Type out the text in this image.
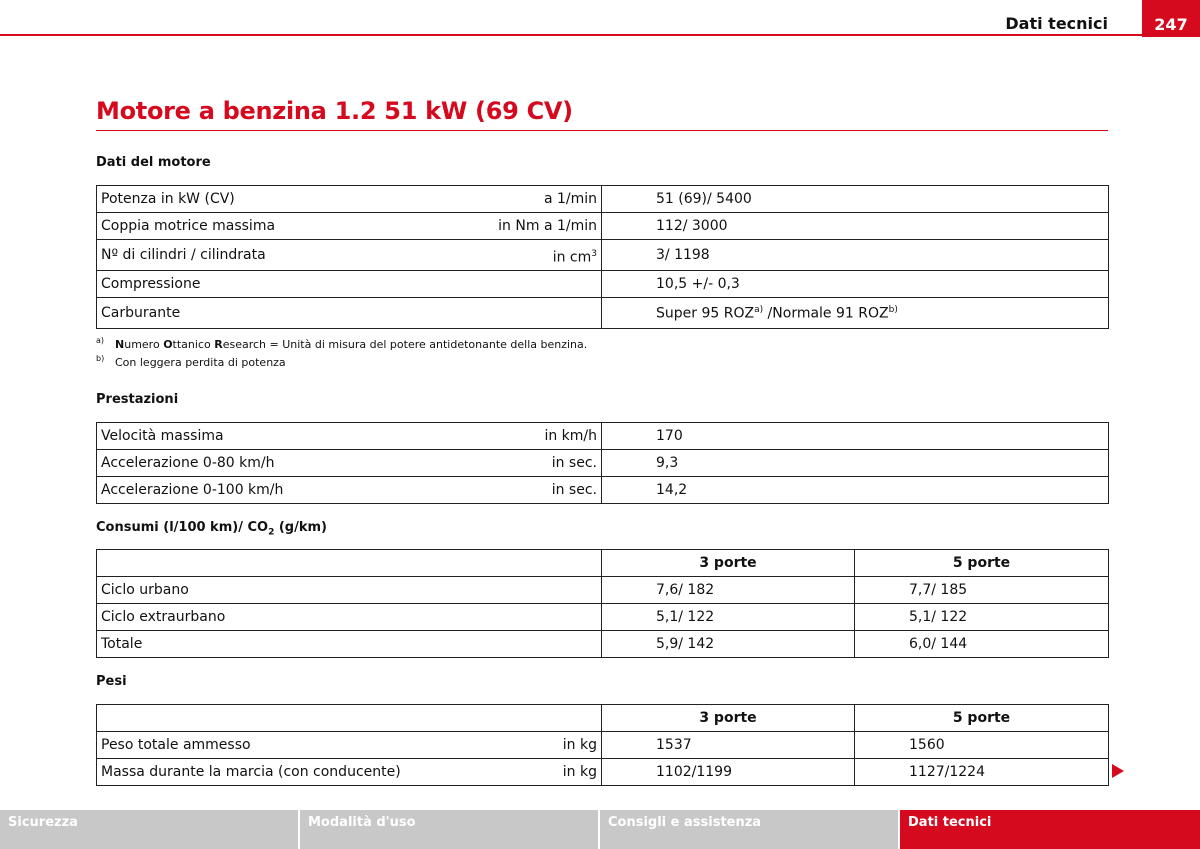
Dati tecnici	247
Motore a benzina 1.2 51 kW (69 CV)
Dati del motore
Potenza in kW (CV)	a 1/min	51 (69)/ 5400
Coppia motrice massima	in Nm a 1/min	112/ 3000
Nº di cilindri / cilindrata	in $cm^3$	3/ 1198
Compressione		10,5 +/- 0,3
Carburante		Super 95 ROZ$^{a)}$ /Normale 91 ROZ$^{b)}$
a) Numero Ottanico Research = Unità di misura del potere antidetonante della benzina.
b) Con leggera perdita di potenza
Prestazioni
Velocità massima	in km/h	170
Accelerazione 0-80 km/h	in sec.	9,3
Accelerazione 0-100 km/h	in sec.	14,2
Consumi (l/100 km)/ $CO_2$ (g/km)
	3 porte	5 porte
Ciclo urbano	7,6/ 182	7,7/ 185
Ciclo extraurbano	5,1/ 122	5,1/ 122
Totale	5,9/ 142	6,0/ 144
Pesi
		3 porte	5 porte
Peso totale ammesso	in kg	1537	1560
Massa durante la marcia (con conducente)	in kg	1102/1199	1127/1224
Sicurezza	Modalità d'uso	Consigli e assistenza	Dati tecnici
